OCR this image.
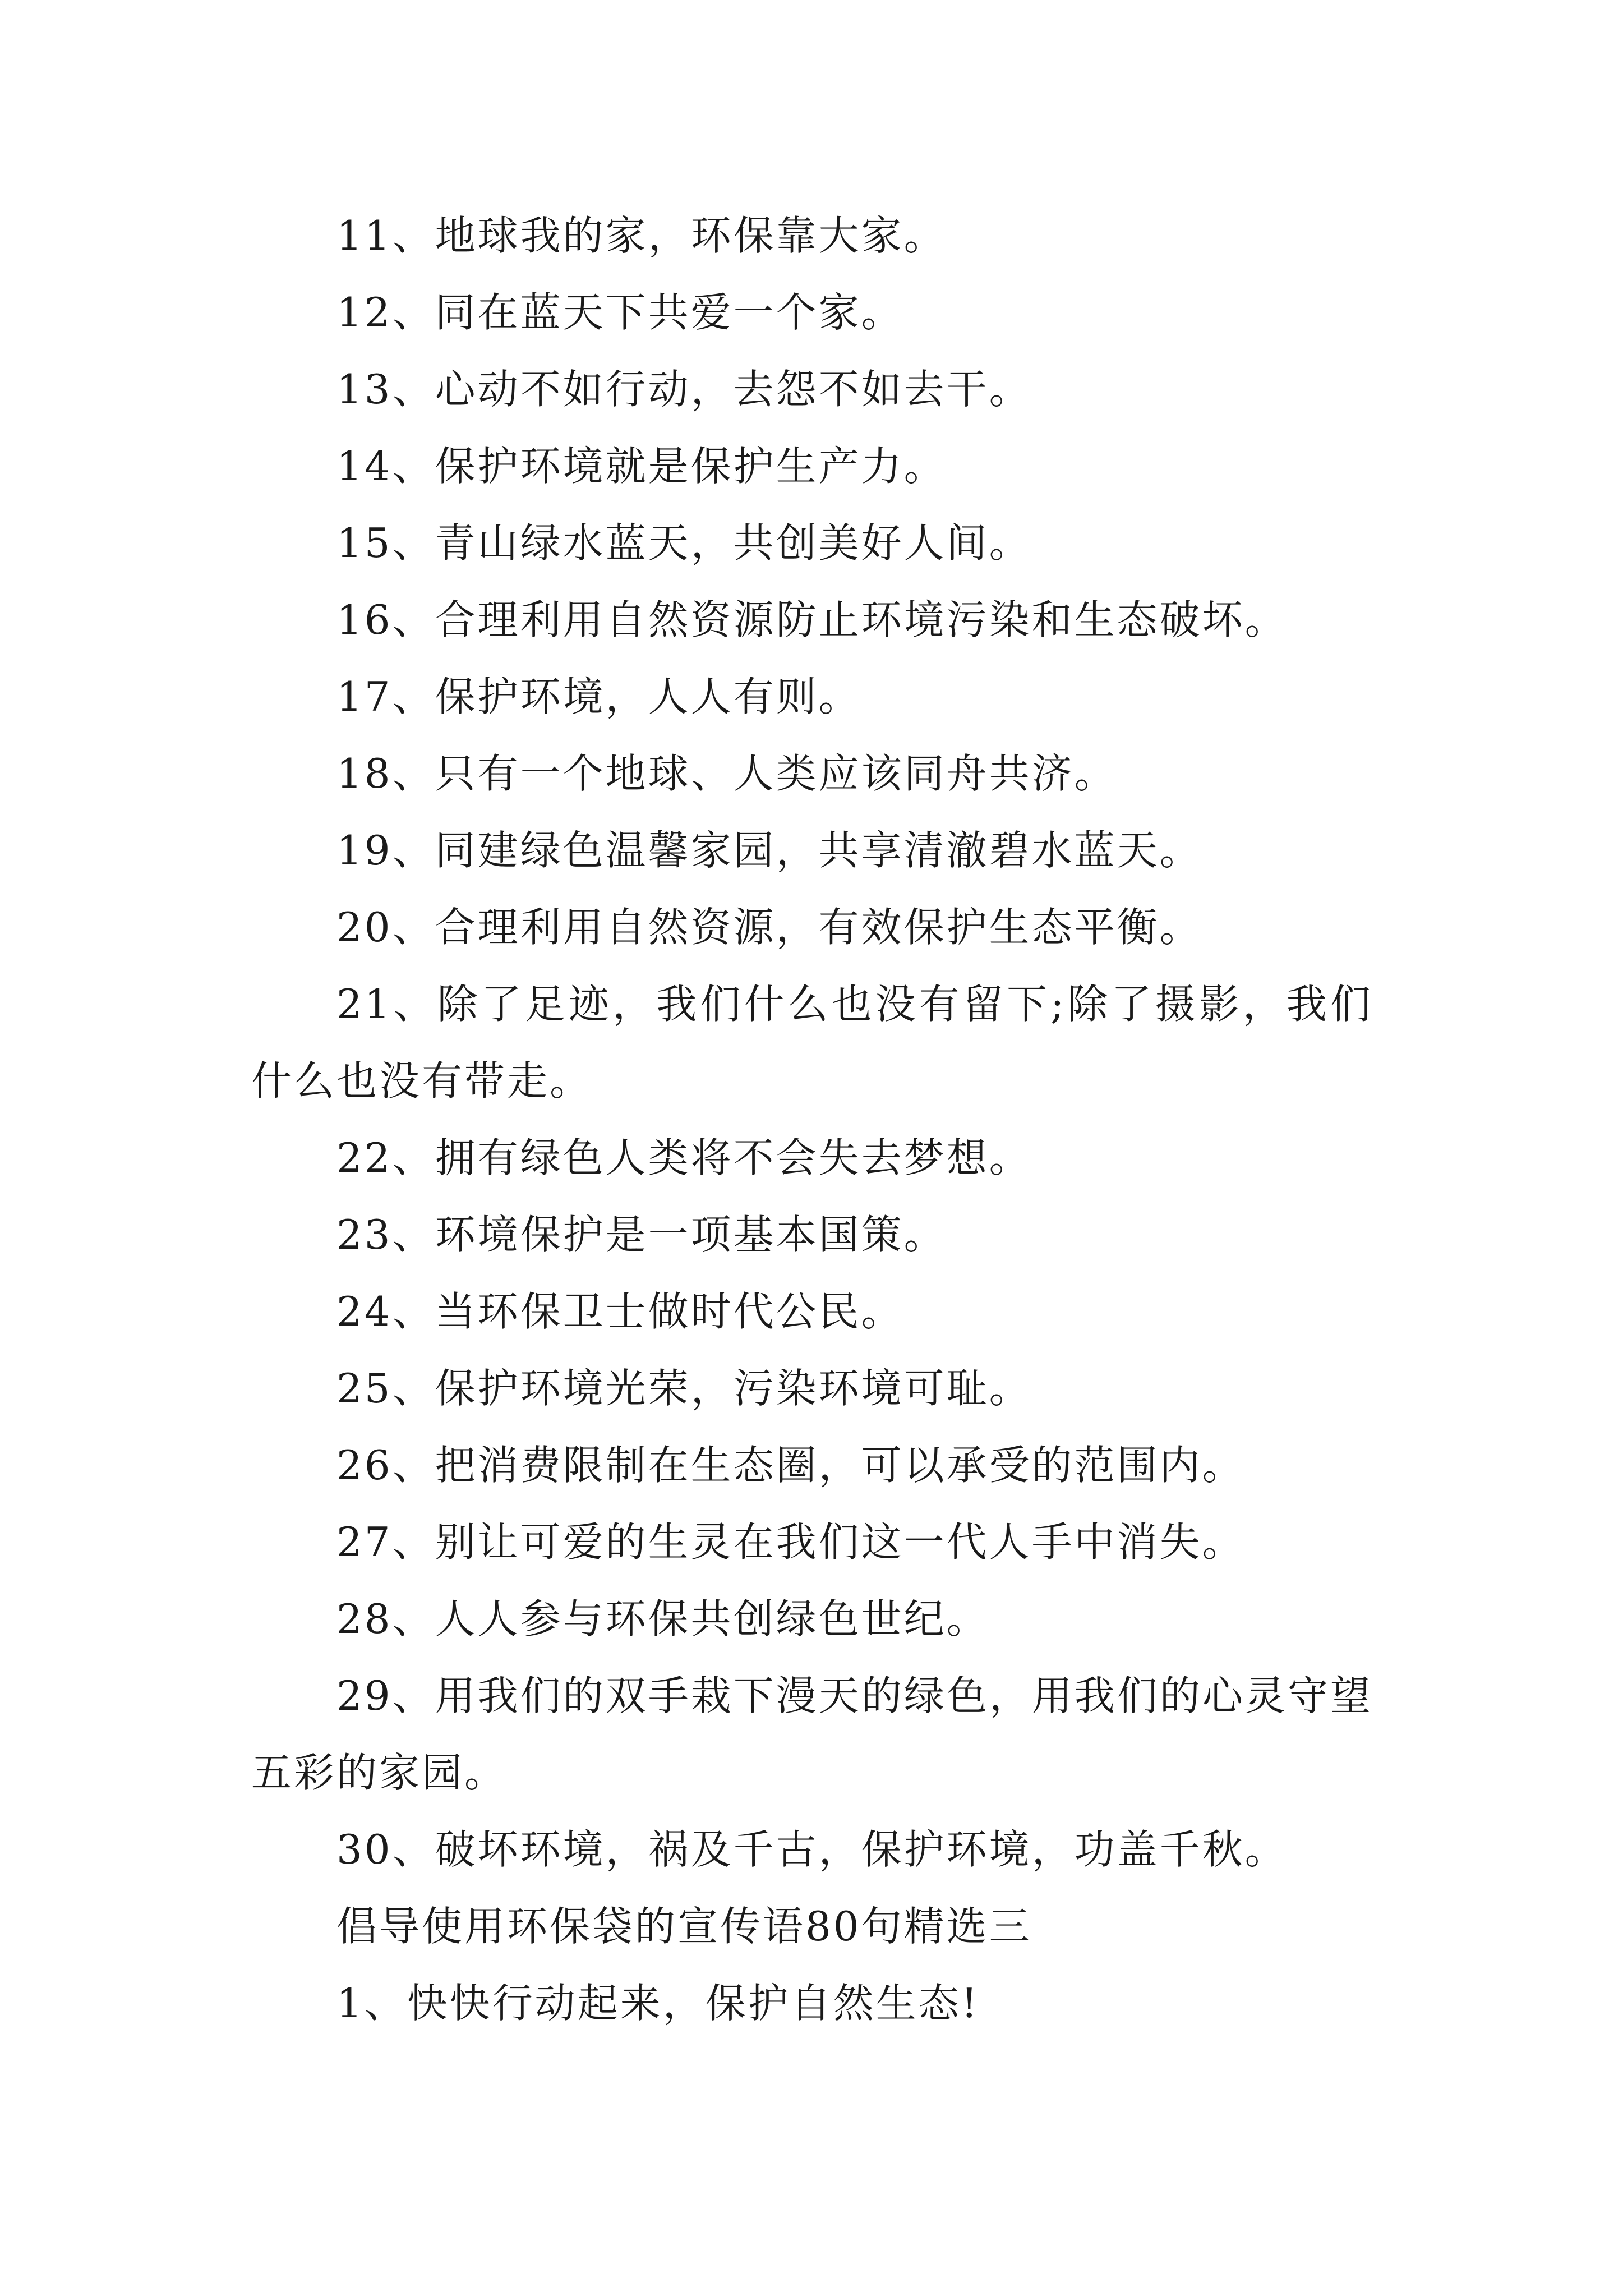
11、地球我的家，环保靠大家。

12、同在蓝天下共爱一个家。

13、心动不如行动，去怨不如去干。

14、保护环境就是保护生产力。

15、青山绿水蓝天，共创美好人间。

16、合理利用自然资源防止环境污染和生态破坏。

17、保护环境，人人有则。

18、只有一个地球、人类应该同舟共济。

19、同建绿色温馨家园，共享清澈碧水蓝天。

20、合理利用自然资源，有效保护生态平衡。

21、除了足迹，我们什么也没有留下;除了摄影，我们什么也没有带走。

22、拥有绿色人类将不会失去梦想。

23、环境保护是一项基本国策。

24、当环保卫士做时代公民。

25、保护环境光荣，污染环境可耻。

26、把消费限制在生态圈，可以承受的范围内。

27、别让可爱的生灵在我们这一代人手中消失。

28、人人参与环保共创绿色世纪。

29、用我们的双手栽下漫天的绿色，用我们的心灵守望五彩的家园。

30、破坏环境，祸及千古，保护环境，功盖千秋。

倡导使用环保袋的宣传语80句精选三

1、快快行动起来，保护自然生态!
